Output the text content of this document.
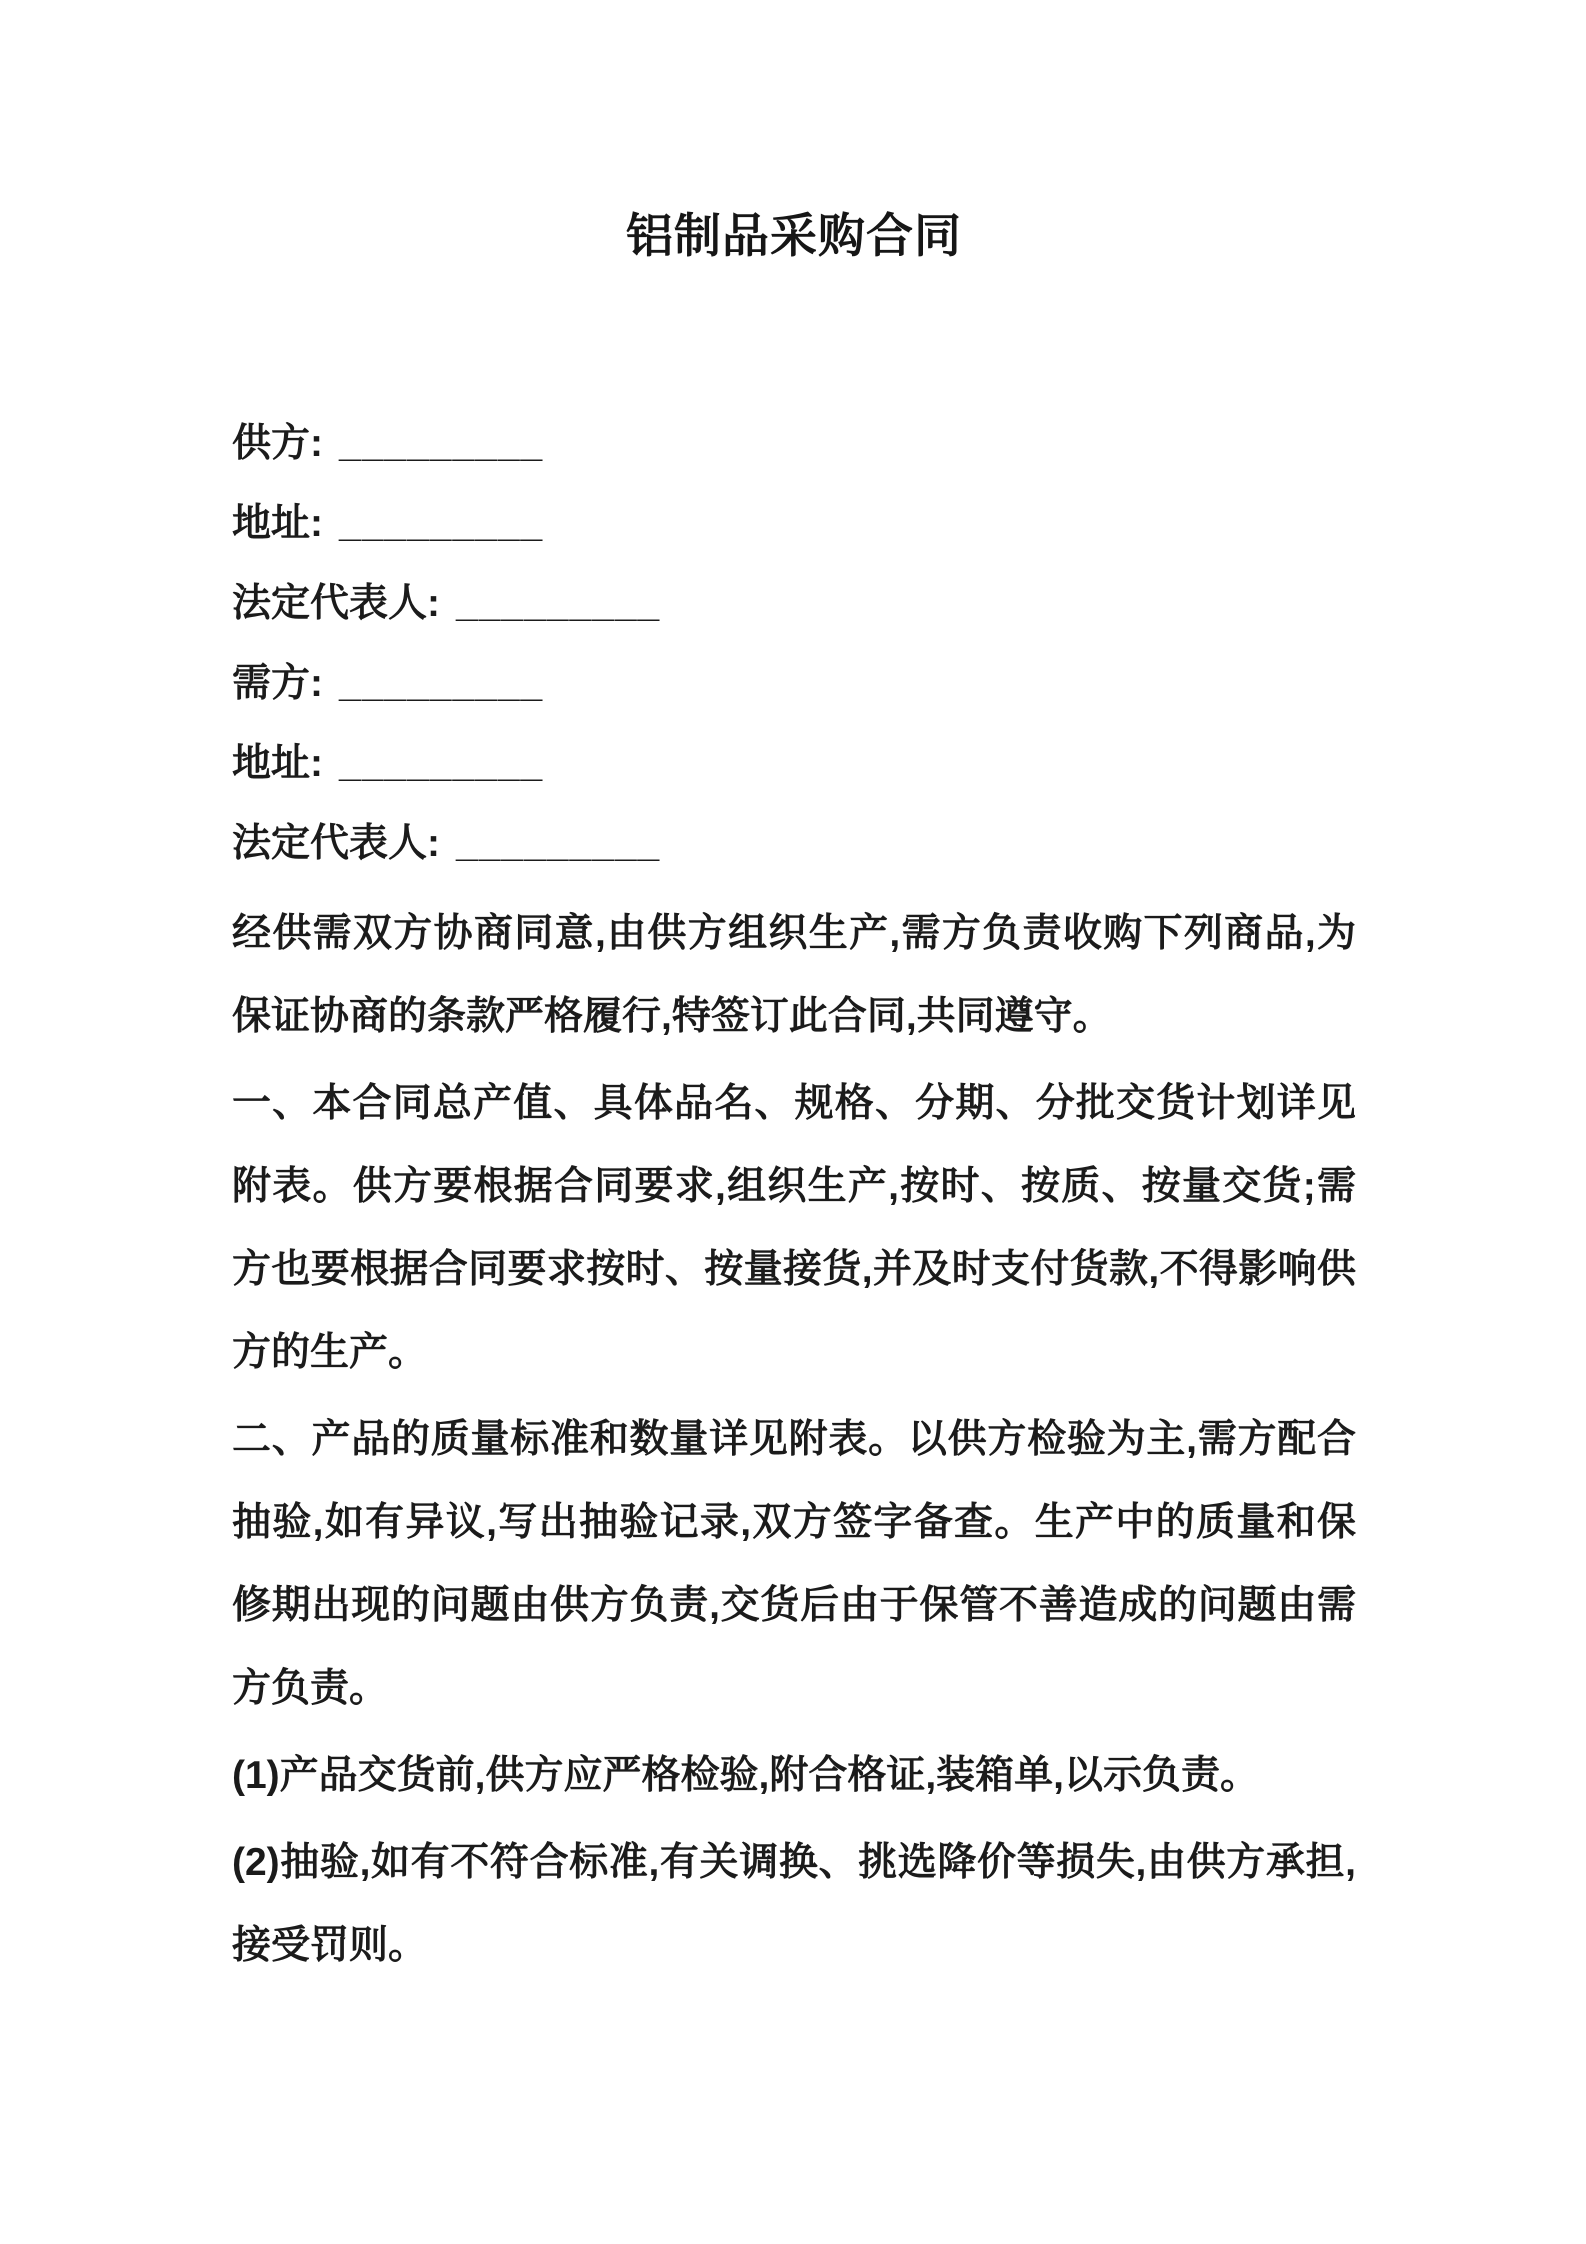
铝制品采购合同
供方: _________
地址: _________
法定代表人: _________
需方: _________
地址: _________
法定代表人: _________

经供需双方协商同意,由供方组织生产,需方负责收购下列商品,为保证协商的条款严格履行,特签订此合同,共同遵守。

一、本合同总产值、具体品名、规格、分期、分批交货计划详见附表。供方要根据合同要求,组织生产,按时、按质、按量交货;需方也要根据合同要求按时、按量接货,并及时支付货款,不得影响供方的生产。

二、产品的质量标准和数量详见附表。以供方检验为主,需方配合抽验,如有异议,写出抽验记录,双方签字备查。生产中的质量和保修期出现的问题由供方负责,交货后由于保管不善造成的问题由需方负责。

(1)产品交货前,供方应严格检验,附合格证,装箱单,以示负责。

(2)抽验,如有不符合标准,有关调换、挑选降价等损失,由供方承担,接受罚则。
